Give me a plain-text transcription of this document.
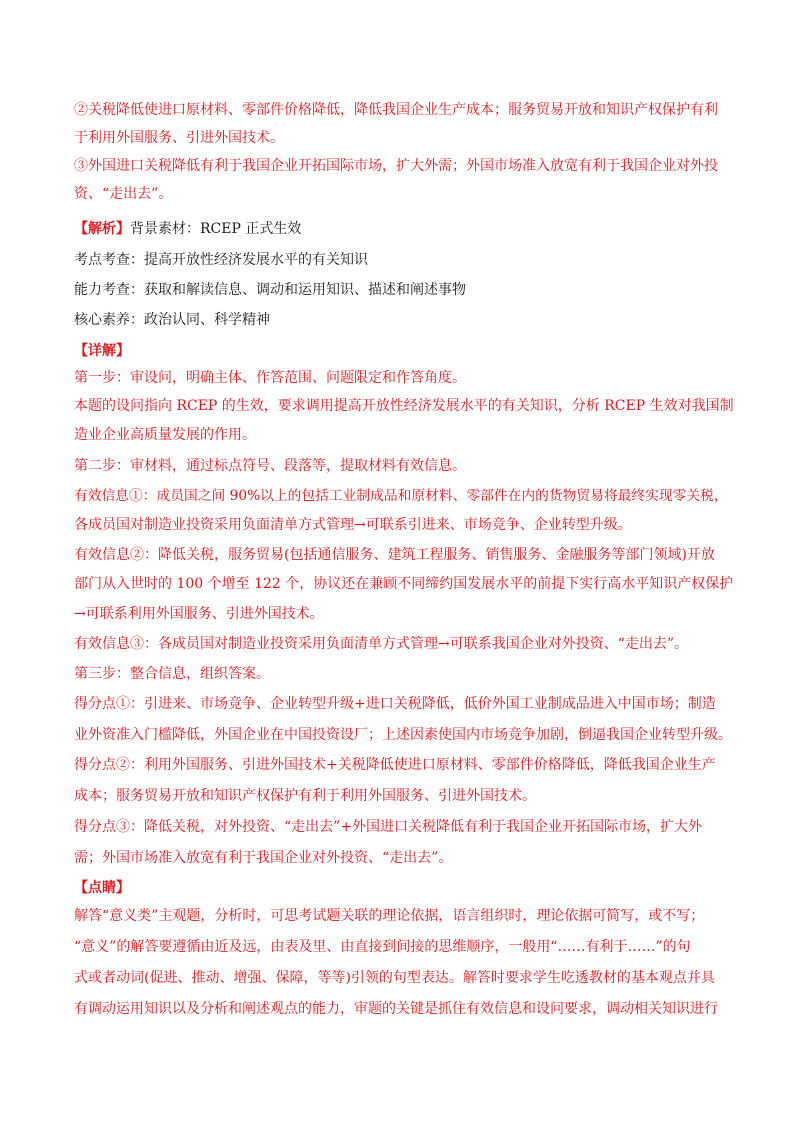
②关税降低使进口原材料、零部件价格降低，降低我国企业生产成本；服务贸易开放和知识产权保护有利
于利用外国服务、引进外国技术。
③外国进口关税降低有利于我国企业开拓国际市场，扩大外需；外国市场准入放宽有利于我国企业对外投
资、“走出去”。
【解析】背景素材：RCEP 正式生效
考点考查：提高开放性经济发展水平的有关知识
能力考查：获取和解读信息、调动和运用知识、描述和阐述事物
核心素养：政治认同、科学精神
【详解】
第一步：审设问，明确主体、作答范围、问题限定和作答角度。
本题的设问指向 RCEP 的生效，要求调用提高开放性经济发展水平的有关知识，分析 RCEP 生效对我国制
造业企业高质量发展的作用。
第二步：审材料，通过标点符号、段落等，提取材料有效信息。
有效信息①：成员国之间 90%以上的包括工业制成品和原材料、零部件在内的货物贸易将最终实现零关税，
各成员国对制造业投资采用负面清单方式管理→可联系引进来、市场竞争、企业转型升级。
有效信息②：降低关税，服务贸易(包括通信服务、建筑工程服务、销售服务、金融服务等部门领域)开放
部门从入世时的 100 个增至 122 个，协议还在兼顾不同缔约国发展水平的前提下实行高水平知识产权保护
→可联系利用外国服务、引进外国技术。
有效信息③：各成员国对制造业投资采用负面清单方式管理→可联系我国企业对外投资、“走出去”。
第三步：整合信息，组织答案。
得分点①：引进来、市场竞争、企业转型升级+进口关税降低，低价外国工业制成品进入中国市场；制造
业外资准入门槛降低，外国企业在中国投资设厂；上述因素使国内市场竞争加剧，倒逼我国企业转型升级。
得分点②：利用外国服务、引进外国技术+关税降低使进口原材料、零部件价格降低，降低我国企业生产
成本；服务贸易开放和知识产权保护有利于利用外国服务、引进外国技术。
得分点③：降低关税，对外投资、“走出去”+外国进口关税降低有利于我国企业开拓国际市场，扩大外
需；外国市场准入放宽有利于我国企业对外投资、“走出去”。
【点睛】
解答“意义类”主观题，分析时，可思考试题关联的理论依据，语言组织时，理论依据可简写，或不写；
“意义”的解答要遵循由近及远，由表及里、由直接到间接的思维顺序，一般用“……有利于……”的句
式或者动词(促进、推动、增强、保障，等等)引领的句型表达。解答时要求学生吃透教材的基本观点并具
有调动运用知识以及分析和阐述观点的能力，审题的关键是抓住有效信息和设问要求，调动相关知识进行
